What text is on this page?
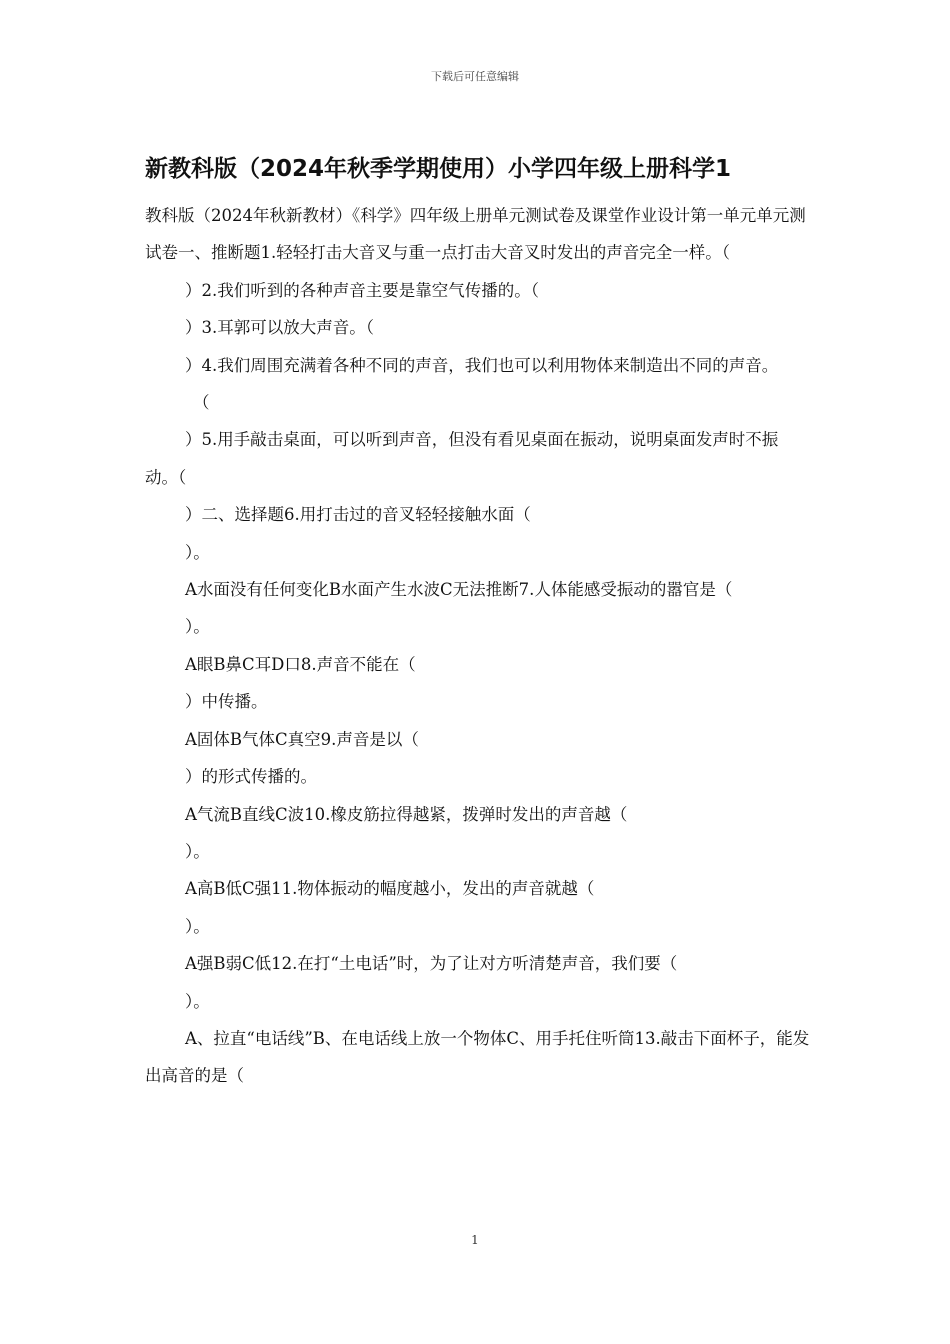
下载后可任意编辑
新教科版（2024年秋季学期使用）小学四年级上册科学1

教科版（2024年秋新教材）《科学》四年级上册单元测试卷及课堂作业设计第一单元单元测试卷一、推断题1.轻轻打击大音叉与重一点打击大音叉时发出的声音完全一样。（

）2.我们听到的各种声音主要是靠空气传播的。（

）3.耳郭可以放大声音。（

）4.我们周围充满着各种不同的声音，我们也可以利用物体来制造出不同的声音。

（

）5.用手敲击桌面，可以听到声音，但没有看见桌面在振动，说明桌面发声时不振动。（

）二、选择题6.用打击过的音叉轻轻接触水面（

）。

A水面没有任何变化B水面产生水波C无法推断7.人体能感受振动的嚣官是（

）。

A眼B鼻C耳D口8.声音不能在（

）中传播。

A固体B气体C真空9.声音是以（

）的形式传播的。

A气流B直线C波10.橡皮筋拉得越紧，拨弹时发出的声音越（

）。

A高B低C强11.物体振动的幅度越小，发出的声音就越（

）。

A强B弱C低12.在打“土电话”时，为了让对方听清楚声音，我们要（

）。

A、拉直“电话线”B、在电话线上放一个物体C、用手托住听筒13.敲击下面杯子，能发出高音的是（

1
